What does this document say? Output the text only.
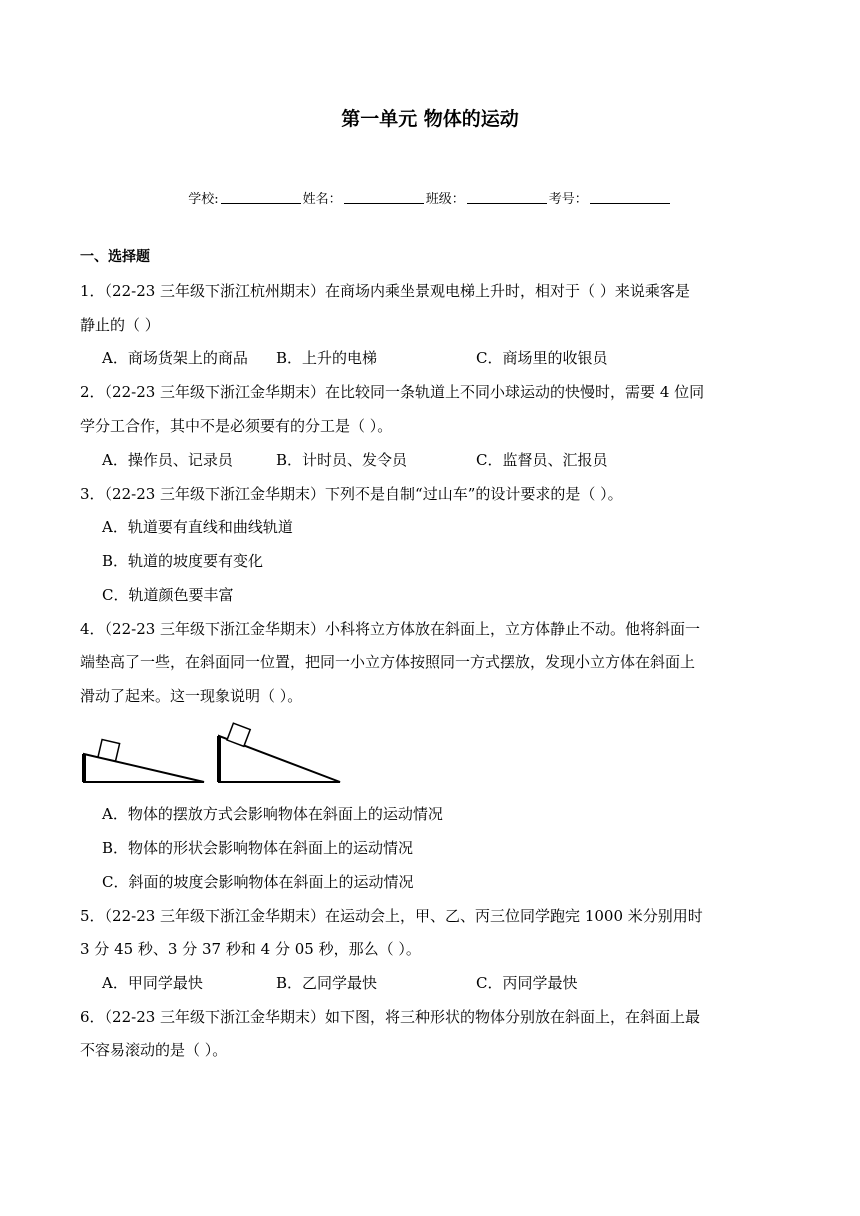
第一单元 物体的运动
学校:	姓名：	班级：	考号：
一、选择题
1．（22-23 三年级下浙江杭州期末）在商场内乘坐景观电梯上升时，相对于（ ）来说乘客是
静止的（ ）
A．商场货架上的商品 B．上升的电梯	C．商场里的收银员
2．（22-23 三年级下浙江金华期末）在比较同一条轨道上不同小球运动的快慢时，需要 4 位同
学分工合作，其中不是必须要有的分工是（ ）。
A．操作员、记录员	B．计时员、发令员	C．监督员、汇报员
3．（22-23 三年级下浙江金华期末）下列不是自制“过山车”的设计要求的是（ ）。
A．轨道要有直线和曲线轨道
B．轨道的坡度要有变化
C．轨道颜色要丰富
4．（22-23 三年级下浙江金华期末）小科将立方体放在斜面上，立方体静止不动。他将斜面一
端垫高了一些，在斜面同一位置，把同一小立方体按照同一方式摆放，发现小立方体在斜面上
滑动了起来。这一现象说明（ ）。
A．物体的摆放方式会影响物体在斜面上的运动情况
B．物体的形状会影响物体在斜面上的运动情况
C．斜面的坡度会影响物体在斜面上的运动情况
5．（22-23 三年级下浙江金华期末）在运动会上，甲、乙、丙三位同学跑完 1000 米分别用时
3 分 45 秒、3 分 37 秒和 4 分 05 秒，那么（ ）。
A．甲同学最快	B．乙同学最快	C．丙同学最快
6．（22-23 三年级下浙江金华期末）如下图，将三种形状的物体分别放在斜面上，在斜面上最
不容易滚动的是（ ）。
